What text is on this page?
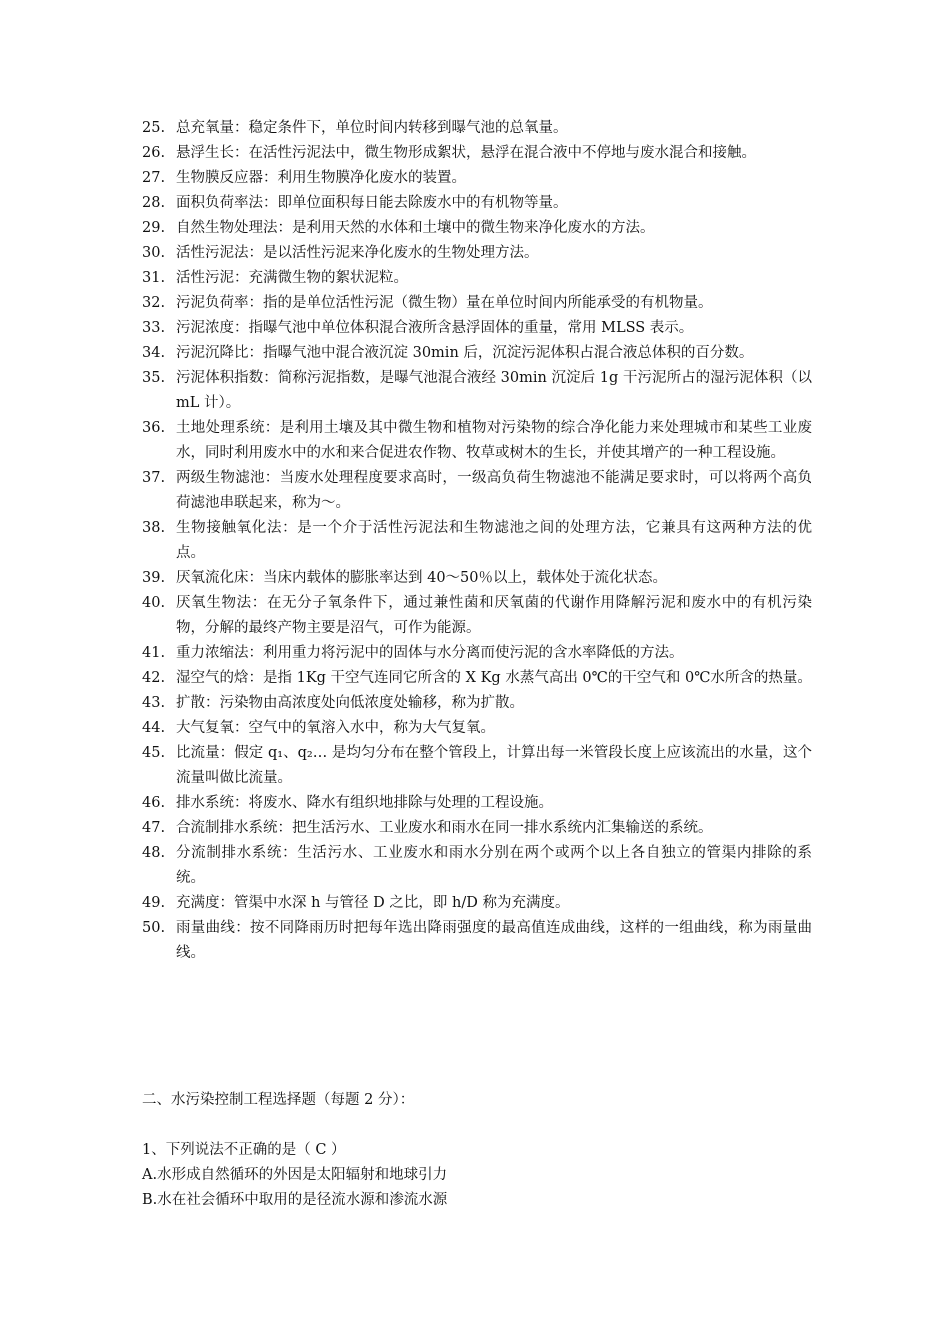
25. 总充氧量：稳定条件下，单位时间内转移到曝气池的总氧量。
26. 悬浮生长：在活性污泥法中，微生物形成絮状，悬浮在混合液中不停地与废水混合和接触。
27. 生物膜反应器：利用生物膜净化废水的装置。
28. 面积负荷率法：即单位面积每日能去除废水中的有机物等量。
29. 自然生物处理法：是利用天然的水体和土壤中的微生物来净化废水的方法。
30. 活性污泥法：是以活性污泥来净化废水的生物处理方法。
31. 活性污泥：充满微生物的絮状泥粒。
32. 污泥负荷率：指的是单位活性污泥（微生物）量在单位时间内所能承受的有机物量。
33. 污泥浓度：指曝气池中单位体积混合液所含悬浮固体的重量，常用 MLSS 表示。
34. 污泥沉降比：指曝气池中混合液沉淀 30min 后，沉淀污泥体积占混合液总体积的百分数。
35. 污泥体积指数：简称污泥指数，是曝气池混合液经 30min 沉淀后 1g 干污泥所占的湿污泥体积（以 mL 计）。
36. 土地处理系统：是利用土壤及其中微生物和植物对污染物的综合净化能力来处理城市和某些工业废水，同时利用废水中的水和来合促进农作物、牧草或树木的生长，并使其增产的一种工程设施。
37. 两级生物滤池：当废水处理程度要求高时，一级高负荷生物滤池不能满足要求时，可以将两个高负荷滤池串联起来，称为～。
38. 生物接触氧化法：是一个介于活性污泥法和生物滤池之间的处理方法，它兼具有这两种方法的优点。
39. 厌氧流化床：当床内载体的膨胀率达到 40～50％以上，载体处于流化状态。
40. 厌氧生物法：在无分子氧条件下，通过兼性菌和厌氧菌的代谢作用降解污泥和废水中的有机污染物，分解的最终产物主要是沼气，可作为能源。
41. 重力浓缩法：利用重力将污泥中的固体与水分离而使污泥的含水率降低的方法。
42. 湿空气的焓：是指 1Kg 干空气连同它所含的 X Kg 水蒸气高出 0℃的干空气和 0℃水所含的热量。
43. 扩散：污染物由高浓度处向低浓度处输移，称为扩散。
44. 大气复氧：空气中的氧溶入水中，称为大气复氧。
45. 比流量：假定 q₁、q₂… 是均匀分布在整个管段上，计算出每一米管段长度上应该流出的水量，这个流量叫做比流量。
46. 排水系统：将废水、降水有组织地排除与处理的工程设施。
47. 合流制排水系统：把生活污水、工业废水和雨水在同一排水系统内汇集输送的系统。
48. 分流制排水系统：生活污水、工业废水和雨水分别在两个或两个以上各自独立的管渠内排除的系统。
49. 充满度：管渠中水深 h 与管径 D 之比，即 h/D 称为充满度。
50. 雨量曲线：按不同降雨历时把每年选出降雨强度的最高值连成曲线，这样的一组曲线，称为雨量曲线。

二、水污染控制工程选择题（每题 2 分）：

1、下列说法不正确的是（ C ）
A.水形成自然循环的外因是太阳辐射和地球引力
B.水在社会循环中取用的是径流水源和渗流水源
